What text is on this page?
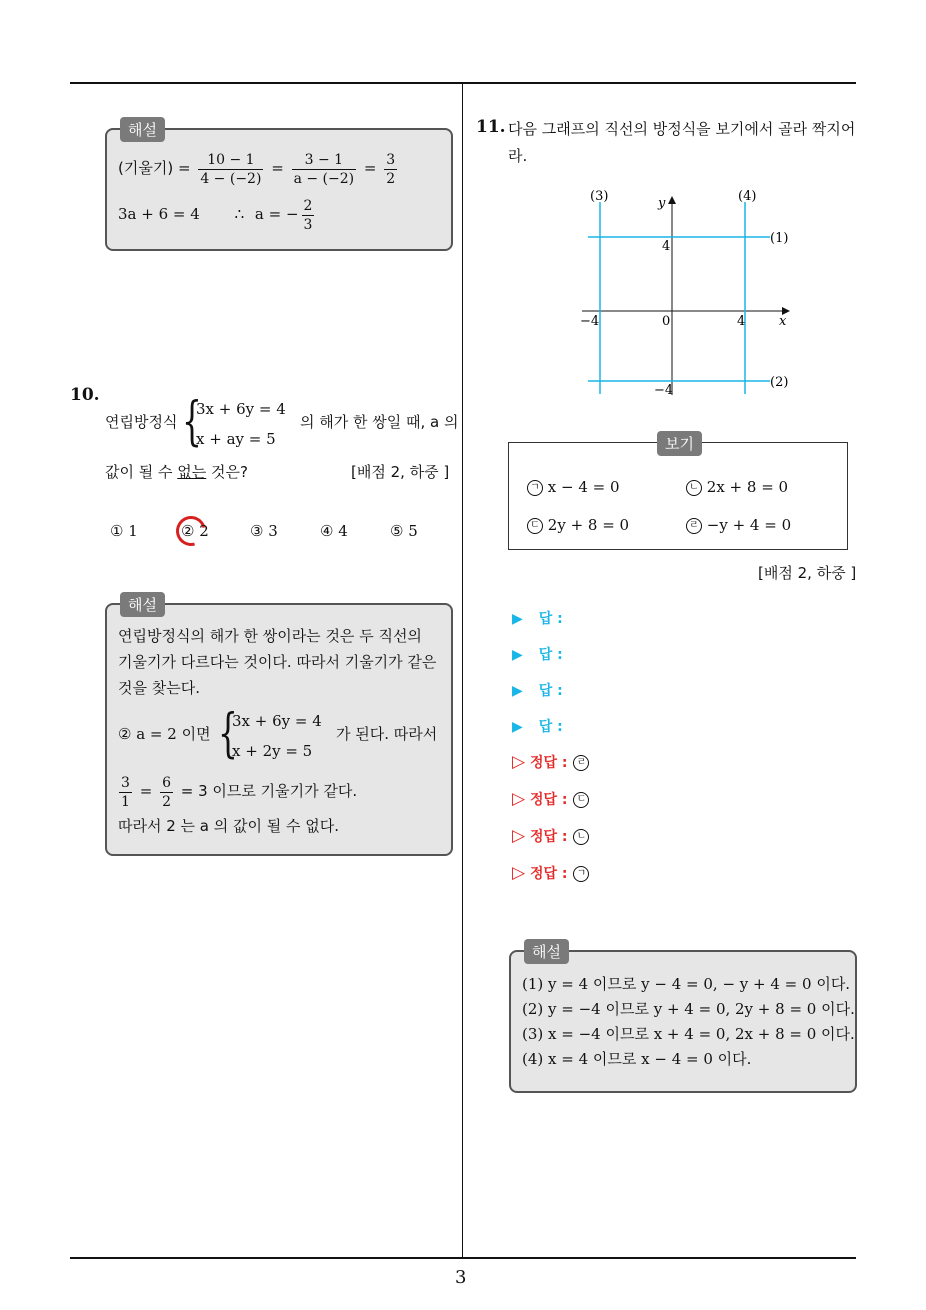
3
해설
(기울기) = $\frac{10 - 1}{4 - (-2)} = \frac{3 - 1}{a - (-2)} = \frac{3}{2}$
3a + 6 = 4 ∴ a = − $\frac{2}{3}$
10.
연립방정식 {
3x + 6y = 4
x + ay = 5
의 해가 한 쌍일 때, a 의
값이 될 수 없는 것은?	[배점 2, 하중 ]
① 1	② 2	③ 3	④ 4	⑤ 5
해설
연립방정식의 해가 한 쌍이라는 것은 두 직선의
기울기가 다르다는 것이다. 따라서 기울기가 같은
것을 찾는다.
② a = 2 이면 {
3x + 6y = 4
x + 2y = 5
가 된다. 따라서
$\frac{3}{1} = \frac{6}{2} = 3$ 이므로 기울기가 같다.
따라서 2 는 a 의 값이 될 수 없다.
11. 다음 그래프의 직선의 방정식을 보기에서 골라 짝지어
라.
(1)
(2)
(3)	(4)
x
y
0	4
−4
4
−4
보기
ㄱ x − 4 = 0	ㄴ 2x + 8 = 0
ㄷ 2y + 8 = 0	ㄹ −y + 4 = 0
[배점 2, 하중 ]
▶ 답 :
▶ 답 :
▶ 답 :
▶ 답 :
▷ 정답 : ㄹ
▷ 정답 : ㄷ
▷ 정답 : ㄴ
▷ 정답 : ㄱ
해설
(1) y = 4 이므로 y − 4 = 0, − y + 4 = 0 이다.
(2) y = −4 이므로 y + 4 = 0, 2y + 8 = 0 이다.
(3) x = −4 이므로 x + 4 = 0, 2x + 8 = 0 이다.
(4) x = 4 이므로 x − 4 = 0 이다.
